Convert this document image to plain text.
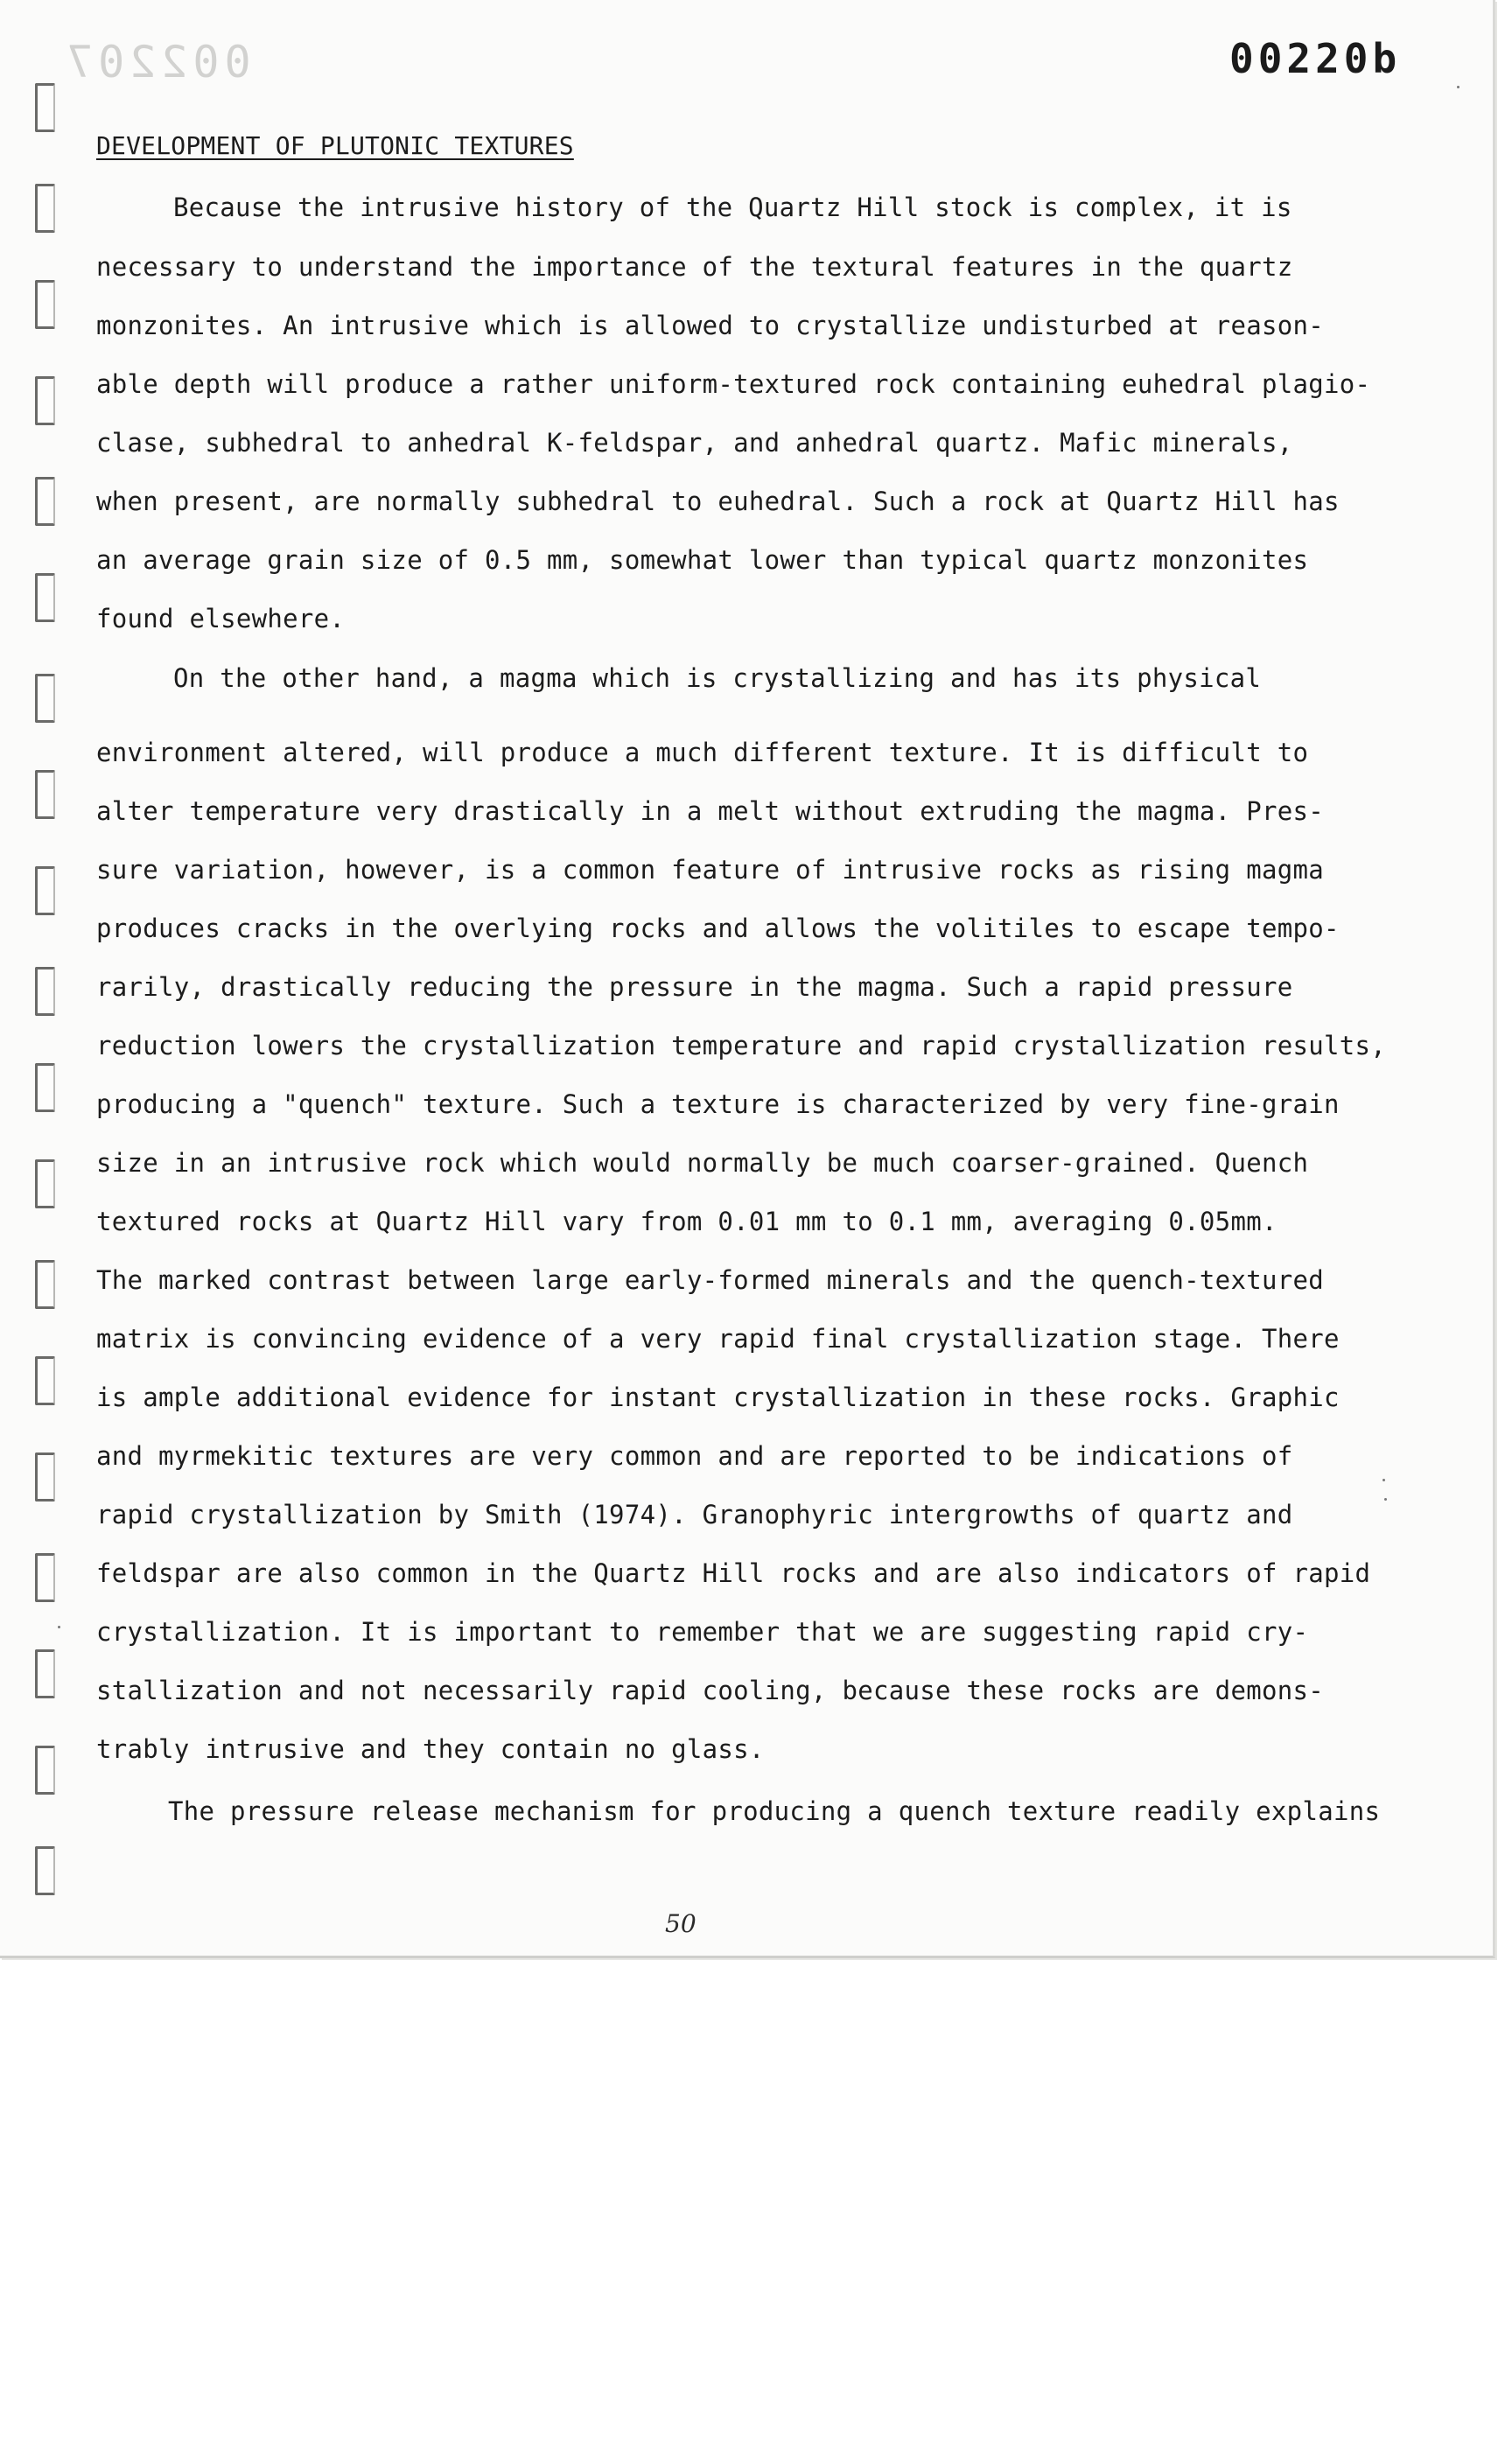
002207	00220b
DEVELOPMENT OF PLUTONIC TEXTURES
Because the intrusive history of the Quartz Hill stock is complex, it is
necessary to understand the importance of the textural features in the quartz
monzonites. An intrusive which is allowed to crystallize undisturbed at reason-
able depth will produce a rather uniform-textured rock containing euhedral plagio-
clase, subhedral to anhedral K-feldspar, and anhedral quartz. Mafic minerals,
when present, are normally subhedral to euhedral. Such a rock at Quartz Hill has
an average grain size of 0.5 mm, somewhat lower than typical quartz monzonites
found elsewhere.
On the other hand, a magma which is crystallizing and has its physical
environment altered, will produce a much different texture. It is difficult to
alter temperature very drastically in a melt without extruding the magma. Pres-
sure variation, however, is a common feature of intrusive rocks as rising magma
produces cracks in the overlying rocks and allows the volitiles to escape tempo-
rarily, drastically reducing the pressure in the magma. Such a rapid pressure
reduction lowers the crystallization temperature and rapid crystallization results,
producing a "quench" texture. Such a texture is characterized by very fine-grain
size in an intrusive rock which would normally be much coarser-grained. Quench
textured rocks at Quartz Hill vary from 0.01 mm to 0.1 mm, averaging 0.05mm.
The marked contrast between large early-formed minerals and the quench-textured
matrix is convincing evidence of a very rapid final crystallization stage. There
is ample additional evidence for instant crystallization in these rocks. Graphic
and myrmekitic textures are very common and are reported to be indications of
rapid crystallization by Smith (1974). Granophyric intergrowths of quartz and
feldspar are also common in the Quartz Hill rocks and are also indicators of rapid
crystallization. It is important to remember that we are suggesting rapid cry-
stallization and not necessarily rapid cooling, because these rocks are demons-
trably intrusive and they contain no glass.
The pressure release mechanism for producing a quench texture readily explains
50
